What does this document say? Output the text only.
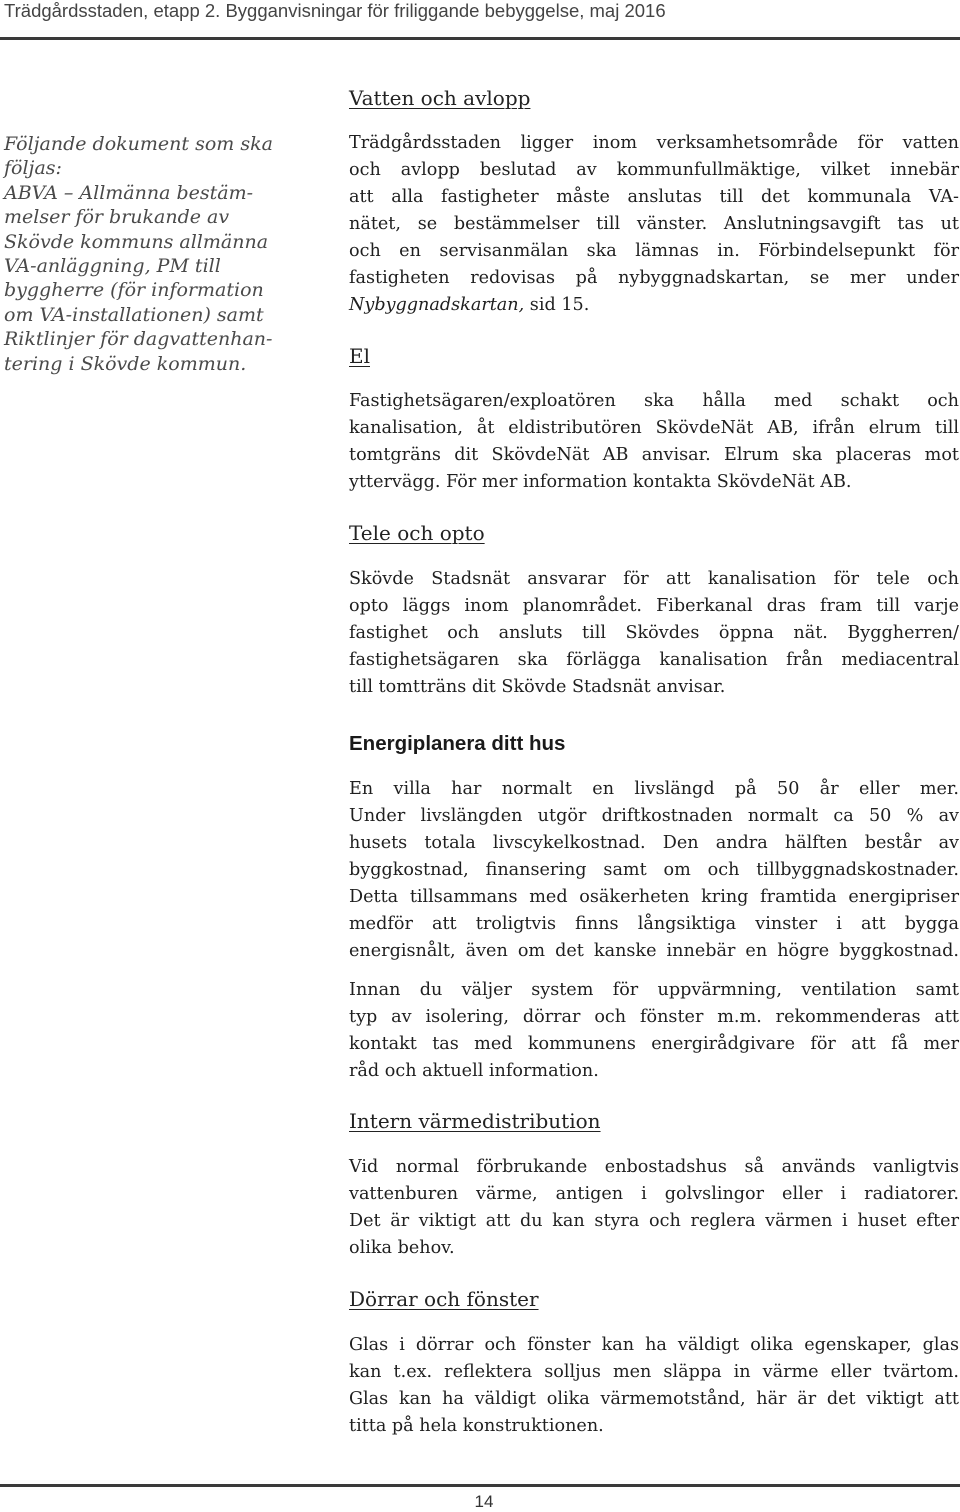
Trädgårdsstaden, etapp 2. Bygganvisningar för friliggande bebyggelse, maj 2016
Följande dokument som ska
följas:
ABVA – Allmänna bestäm-
melser för brukande av
Skövde kommuns allmänna
VA-anläggning, PM till
byggherre (för information
om VA-installationen) samt
Riktlinjer för dagvattenhan-
tering i Skövde kommun.
Vatten och avlopp
Trädgårdsstaden ligger inom verksamhetsområde för vatten
och avlopp beslutad av kommunfullmäktige, vilket innebär
att alla fastigheter måste anslutas till det kommunala VA-
nätet, se bestämmelser till vänster. Anslutningsavgift tas ut
och en servisanmälan ska lämnas in. Förbindelsepunkt för
fastigheten redovisas på nybyggnadskartan, se mer under
Nybyggnadskartan, sid 15.
El
Fastighetsägaren/exploatören ska hålla med schakt och
kanalisation, åt eldistributören SkövdeNät AB, ifrån elrum till
tomtgräns dit SkövdeNät AB anvisar. Elrum ska placeras mot
yttervägg. För mer information kontakta SkövdeNät AB.
Tele och opto
Skövde Stadsnät ansvarar för att kanalisation för tele och
opto läggs inom planområdet. Fiberkanal dras fram till varje
fastighet och ansluts till Skövdes öppna nät. Byggherren/
fastighetsägaren ska förlägga kanalisation från mediacentral
till tomtträns dit Skövde Stadsnät anvisar.
Energiplanera ditt hus
En villa har normalt en livslängd på 50 år eller mer.
Under livslängden utgör driftkostnaden normalt ca 50 % av
husets totala livscykelkostnad. Den andra hälften består av
byggkostnad, finansering samt om och tillbyggnadskostnader.
Detta tillsammans med osäkerheten kring framtida energipriser
medför att troligtvis finns långsiktiga vinster i att bygga
energisnålt, även om det kanske innebär en högre byggkostnad.
Innan du väljer system för uppvärmning, ventilation samt
typ av isolering, dörrar och fönster m.m. rekommenderas att
kontakt tas med kommunens energirådgivare för att få mer
råd och aktuell information.
Intern värmedistribution
Vid normal förbrukande enbostadshus så används vanligtvis
vattenburen värme, antigen i golvslingor eller i radiatorer.
Det är viktigt att du kan styra och reglera värmen i huset efter
olika behov.
Dörrar och fönster
Glas i dörrar och fönster kan ha väldigt olika egenskaper, glas
kan t.ex. reflektera solljus men släppa in värme eller tvärtom.
Glas kan ha väldigt olika värmemotstånd, här är det viktigt att
titta på hela konstruktionen.
14
